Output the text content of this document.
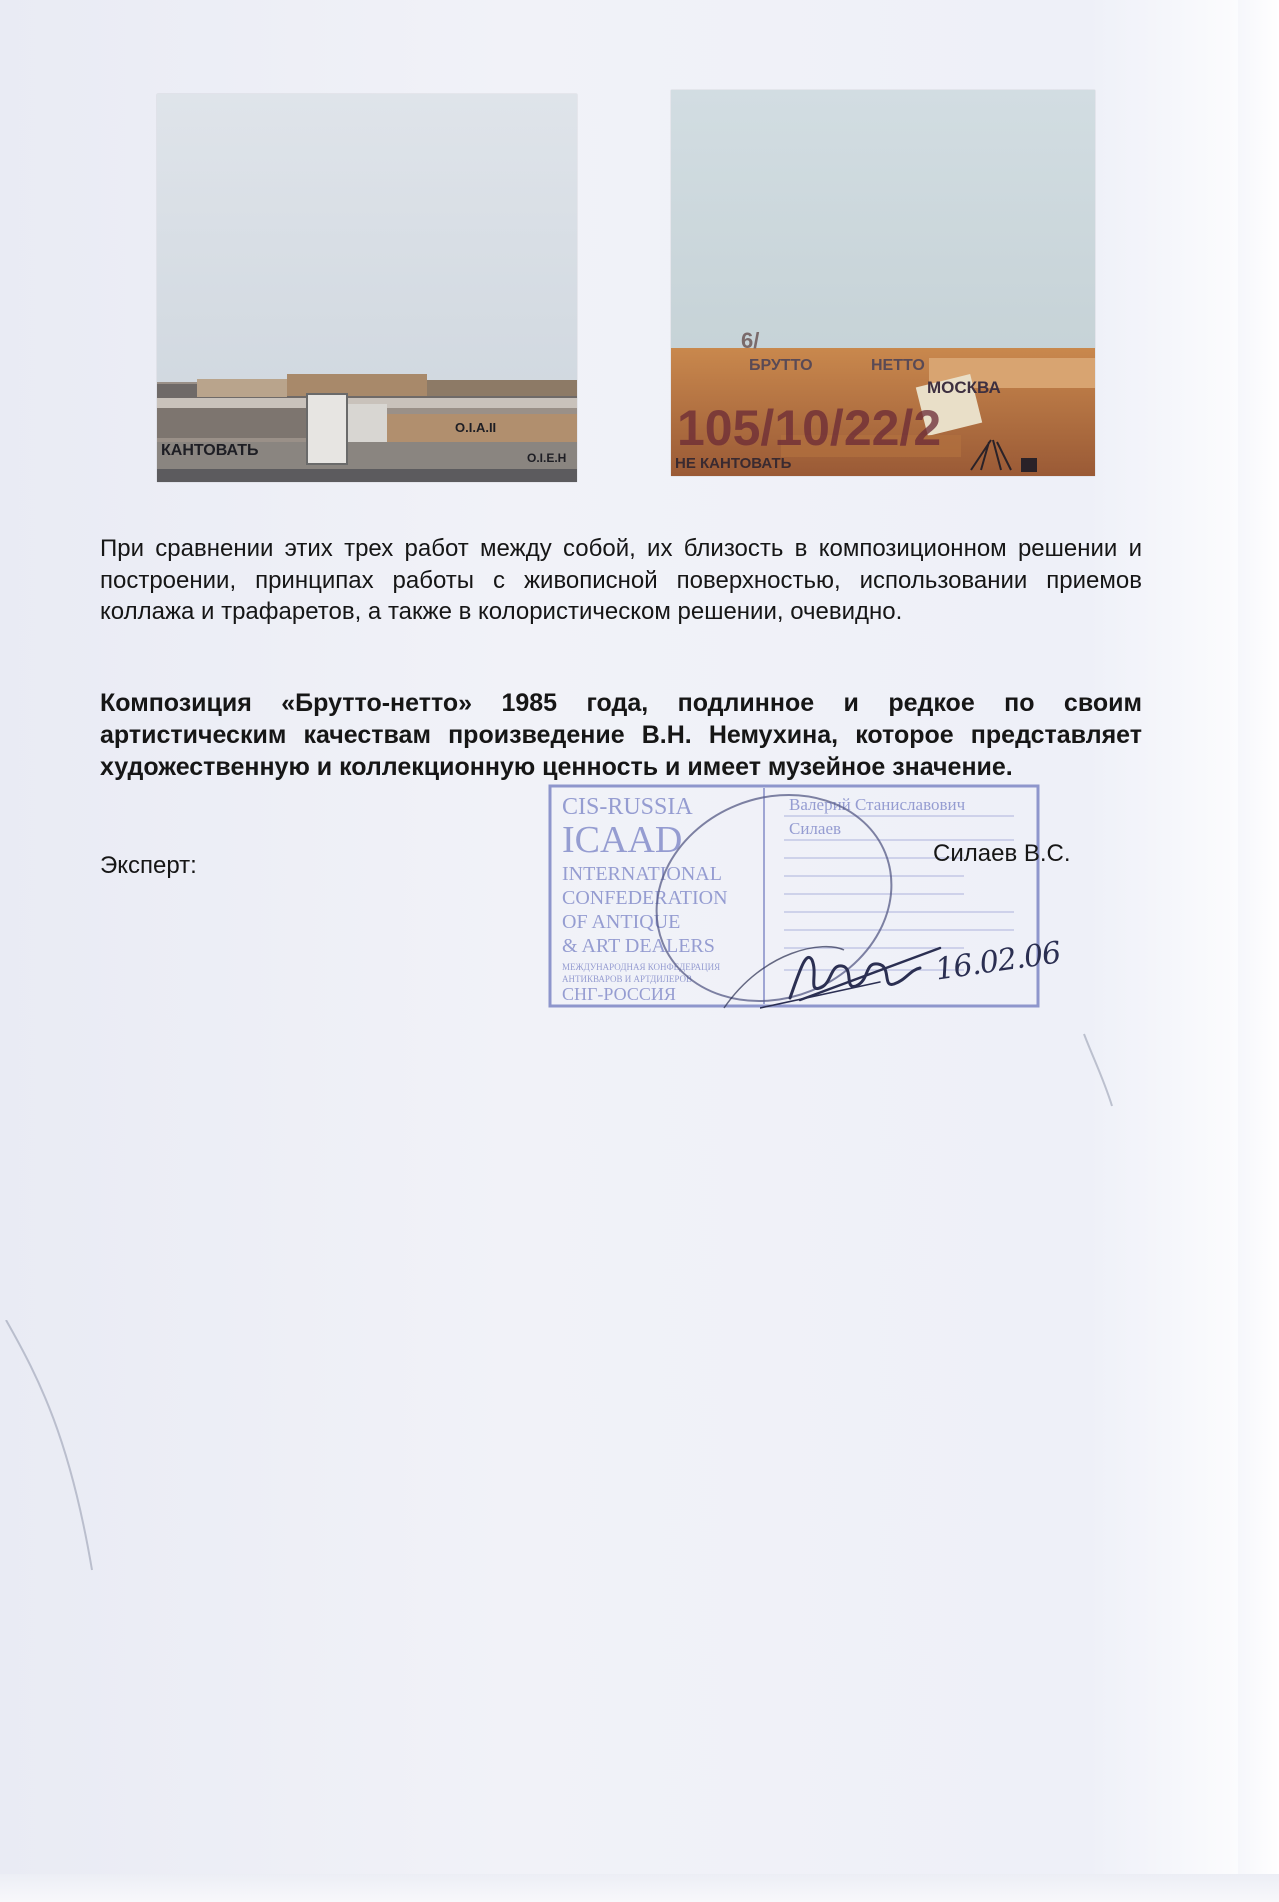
КАНТОВАТЬ
О.I.A.II
O.I.E.H
6/
БРУТТО	НЕТТО
МОСКВА
105/10/22/2
НЕ КАНТОВАТЬ

При сравнении этих трех работ между собой, их близость в композиционном решении и построении, принципах работы с живописной поверхностью, использовании приемов коллажа и трафаретов, а также в колористическом решении, очевидно.

Композиция «Брутто-нетто» 1985 года, подлинное и редкое по своим артистическим качествам произведение В.Н. Немухина, которое представляет художественную и коллекционную ценность и имеет музейное значение.

CIS-RUSSIA
ICAAD
INTERNATIONAL
CONFEDERATION
OF ANTIQUE
& ART DEALERS
МЕЖДУНАРОДНАЯ КОНФЕДЕРАЦИЯ
АНТИКВАРОВ И АРТДИЛЕРОВ
СНГ-РОССИЯ
Валерий Станиславович
Силаев
16.02.06
Эксперт:	Силаев В.С.
